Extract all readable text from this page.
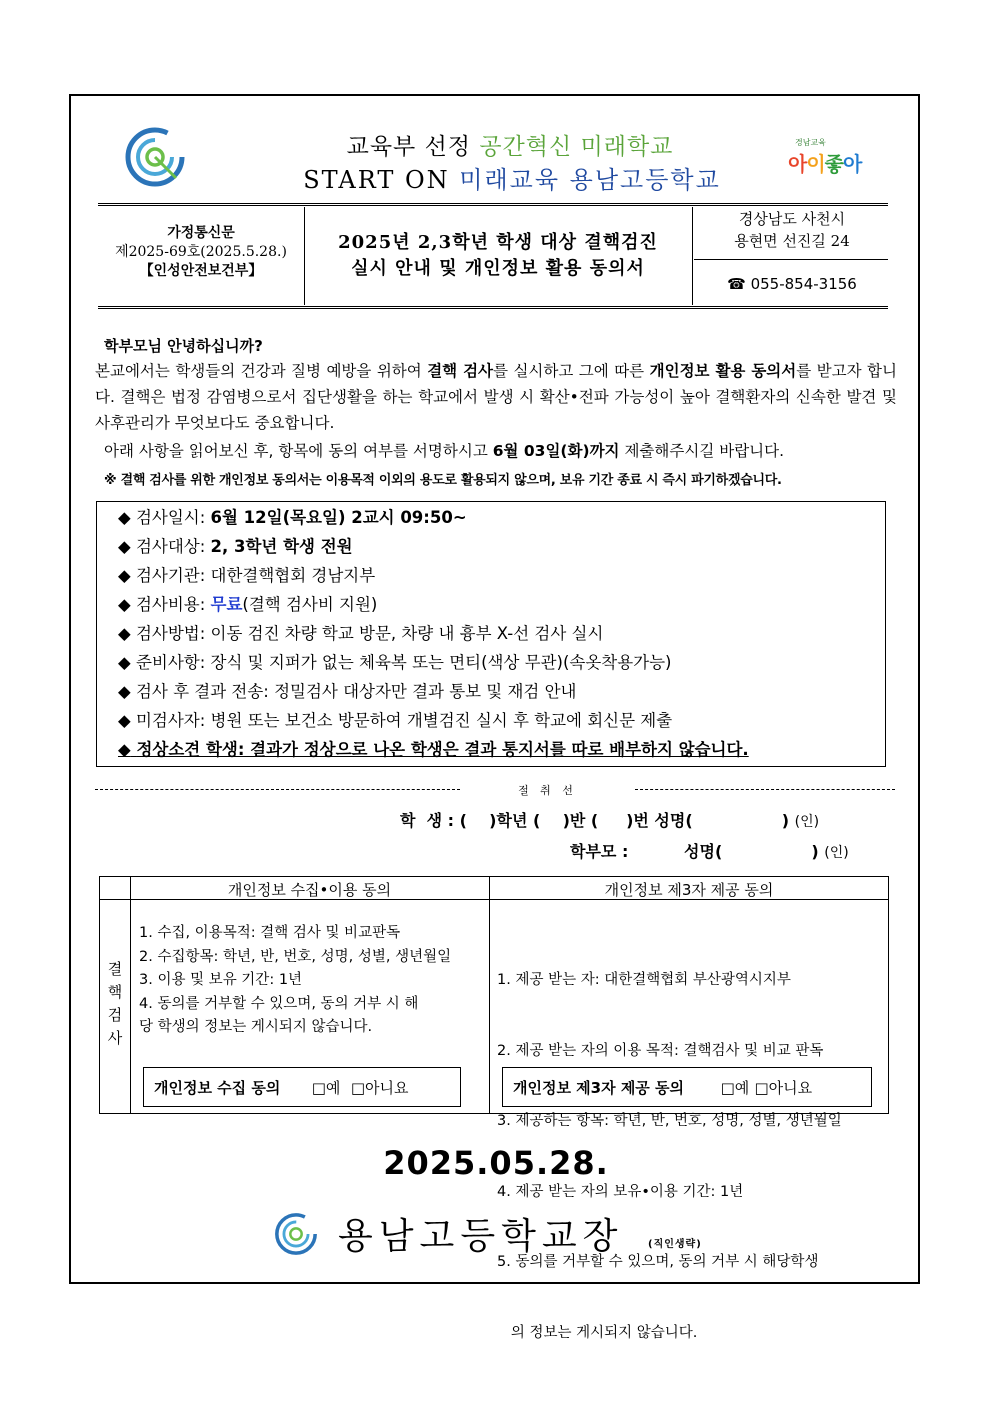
교육부 선정 공간혁신 미래학교
START ON 미래교육 용남고등학교
경남교육
아이좋아
가정통신문
제2025-69호(2025.5.28.)
【인성안전보건부】
2025년 2,3학년 학생 대상 결핵검진
실시 안내 및 개인정보 활용 동의서
경상남도 사천시
용현면 선진길 24
☎ 055-854-3156
학부모님 안녕하십니까?
본교에서는 학생들의 건강과 질병 예방을 위하여 결핵 검사를 실시하고 그에 따른 개인정보 활용 동의서를 받고자 합니다. 결핵은 법정 감염병으로서 집단생활을 하는 학교에서 발생 시 확산•전파 가능성이 높아 결핵환자의 신속한 발견 및 사후관리가 무엇보다도 중요합니다.
아래 사항을 읽어보신 후, 항목에 동의 여부를 서명하시고 6월 03일(화)까지 제출해주시길 바랍니다.
※ 결핵 검사를 위한 개인정보 동의서는 이용목적 이외의 용도로 활용되지 않으며, 보유 기간 종료 시 즉시 파기하겠습니다.
◆ 검사일시: 6월 12일(목요일) 2교시 09:50~
◆ 검사대상: 2, 3학년 학생 전원
◆ 검사기관: 대한결핵협회 경남지부
◆ 검사비용: 무료(결핵 검사비 지원)
◆ 검사방법: 이동 검진 차량 학교 방문, 차량 내 흉부 X-선 검사 실시
◆ 준비사항: 장식 및 지퍼가 없는 체육복 또는 면티(색상 무관)(속옷착용가능)
◆ 검사 후 결과 전송: 정밀검사 대상자만 결과 통보 및 재검 안내
◆ 미검사자: 병원 또는 보건소 방문하여 개별검진 실시 후 학교에 회신문 제출
◆ 정상소견 학생: 결과가 정상으로 나온 학생은 결과 통지서를 따로 배부하지 않습니다.
절 취 선
학  생 : (    )학년 (    )반 (     )번 성명(                ) (인)
학부모 :          성명(                ) (인)
개인정보 수집•이용 동의	개인정보 제3자 제공 동의
결
핵
검
사
1. 수집, 이용목적: 결핵 검사 및 비교판독
2. 수집항목: 학년, 반, 번호, 성명, 성별, 생년월일
3. 이용 및 보유 기간: 1년
4. 동의를 거부할 수 있으며, 동의 거부 시 해
당 학생의 정보는 게시되지 않습니다.

1. 제공 받는 자: 대한결핵협회 부산광역시지부

2. 제공 받는 자의 이용 목적: 결핵검사 및 비교 판독

3. 제공하는 항목: 학년, 반, 번호, 성명, 성별, 생년월일

4. 제공 받는 자의 보유•이용 기간: 1년

5. 동의를 거부할 수 있으며, 동의 거부 시 해당학생

의 정보는 게시되지 않습니다.

개인정보 수집 동의 □예 □아니요	개인정보 제3자 제공 동의 □예 □아니요
2025.05.28.
용남고등학교장 (직인생략)
